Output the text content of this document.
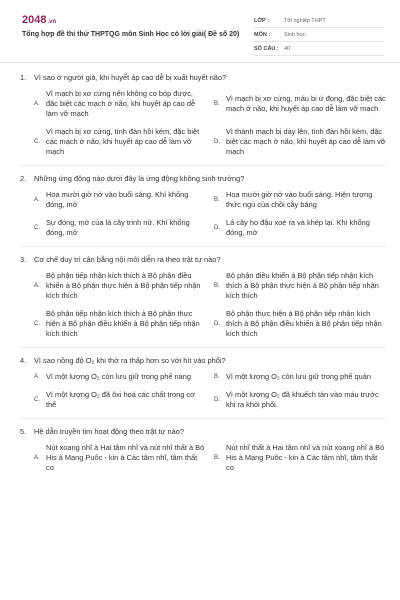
2048.vn
Tổng hợp đề thi thử THPTQG môn Sinh Học có lời giải( Đề số 20)
LỚP :	Tốt nghiệp THPT
MÔN :	Sinh học
SỐ CÂU : 40
1.	Vì sao ở người già, khi huyết áp cao dễ bị xuất huyết não?
A.
Vì mạch bị xơ cứng nên không co bóp được, đặc biệt các mạch ở não, khi huyết áp cao dễ làm vỡ mạch
B.
Vì mạch bị xơ cứng, máu bị ứ đọng, đặc biệt các mạch ở não, khi huyết áp cao dễ làm vỡ mạch
C.
Vì mạch bị xơ cứng, tính đàn hồi kém, đặc biệt các mạch ở não, khi huyết áp cao dễ làm vỡ mạch
D.
Vì thành mạch bị dày lên, tính đàn hồi kém, đặc biệt các mạch ở não, khi huyết áp cao dễ làm vỡ mạch
2.	Những ứng động nào dưới đây là ứng động không sinh trưởng?
A.
Hoa mười giờ nở vào buổi sáng. Khí khổng đóng, mở	B.
Hoa mười giờ nở vào buổi sáng. Hiện tượng thức ngủ của chồi cây bàng
C.
Sự đóng, mở của lá cây trinh nữ. Khí khổng đóng, mở	D.
Lá cây họ đậu xoè ra và khép lại. Khí khổng đóng, mở
3.	Cơ chế duy trì cân bằng nội môi diễn ra theo trật tự nào?
A.
Bộ phận tiếp nhận kích thích à Bộ phận điều khiển à Bộ phận thực hiện à Bộ phận tiếp nhận kích thích
B.
Bộ phận điều khiển à Bộ phận tiếp nhận kích thích à Bộ phận thực hiện à Bộ phận tiếp nhận kích thích
C.
Bộ phận tiếp nhận kích thích à Bộ phận thực hiện à Bộ phận điều khiển à Bộ phận tiếp nhận kích thích
D.
Bộ phận thực hiện à Bộ phận tiếp nhận kích thích à Bộ phận điều khiển à Bộ phận tiếp nhận kích thích
4.	Vì sao nồng độ O₂ khi thở ra thấp hơn so với hít vào phổi?
A. Vì một lượng O₂ còn lưu giữ trong phế nang	B. Vì một lượng O₂ còn lưu giữ trong phế quản
C.
Vì một lượng O₂ đã ôxi hoá các chất trong cơ thể	D.
Vì một lượng O₂ đã khuếch tán vào máu trước khi ra khỏi phổi.
5.	Hệ dẫn truyền tim hoạt động theo trật tự nào?
A.
Nút xoang nhĩ à Hai tâm nhĩ và nút nhĩ thất à Bó His à Mạng Puôc - kin à Các tâm nhĩ, tâm thất co
B.
Nút nhĩ thất à Hai tâm nhĩ và nút xoang nhĩ à Bó His à Mạng Puôc - kin à Các tâm nhĩ, tâm thất co
